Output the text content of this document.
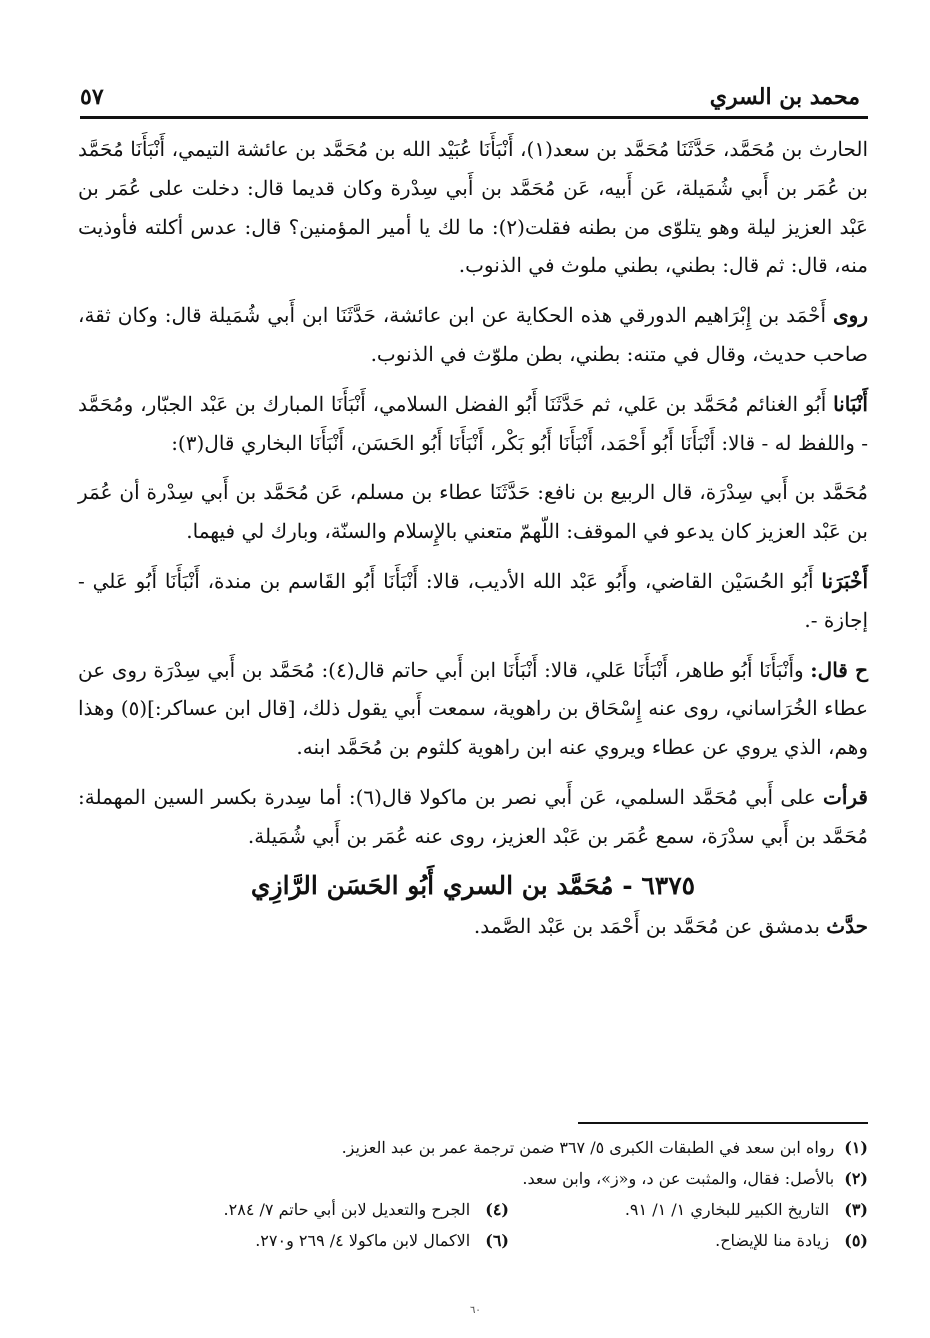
محمد بن السري
٥٧

الحارث بن مُحَمَّد، حَدَّثَنَا مُحَمَّد بن سعد(١)، أَنْبَأَنَا عُبَيْد الله بن مُحَمَّد بن عائشة التيمي، أَنْبَأَنَا مُحَمَّد بن عُمَر بن أَبي شُمَيلة، عَن أَبيه، عَن مُحَمَّد بن أَبي سِدْرة وكان قديما قال: دخلت على عُمَر بن عَبْد العزيز ليلة وهو يتلوّى من بطنه فقلت(٢): ما لك يا أمير المؤمنين؟ قال: عدس أكلته فأوذيت منه، قال: ثم قال: بطني، بطني ملوث في الذنوب.

روى أَحْمَد بن إِبْرَاهيم الدورقي هذه الحكاية عن ابن عائشة، حَدَّثَنَا ابن أَبي شُمَيلة قال: وكان ثقة، صاحب حديث، وقال في متنه: بطني، بطن ملوّث في الذنوب.

أَنْبَانا أَبُو الغنائم مُحَمَّد بن عَلي، ثم حَدَّثَنَا أَبُو الفضل السلامي، أَنْبَأَنَا المبارك بن عَبْد الجبّار، ومُحَمَّد - واللفظ له - قالا: أَنْبَأَنَا أَبُو أَحْمَد، أَنْبَأَنَا أَبُو بَكْر، أَنْبَأَنَا أَبُو الحَسَن، أَنْبَأَنَا البخاري قال(٣):

مُحَمَّد بن أَبي سِدْرَة، قال الربيع بن نافع: حَدَّثَنَا عطاء بن مسلم، عَن مُحَمَّد بن أَبي سِدْرة أن عُمَر بن عَبْد العزيز كان يدعو في الموقف: اللّهمّ متعني بالإِسلام والسنّة، وبارك لي فيهما.

أَخْبَرَنا أَبُو الحُسَيْن القاضي، وأَبُو عَبْد الله الأديب، قالا: أَنْبَأَنَا أَبُو القَاسم بن مندة، أَنْبَأَنَا أَبُو عَلي - إجازة -.

ح قال: وأَنْبَأَنَا أَبُو طاهر، أَنْبَأَنَا عَلي، قالا: أَنْبَأَنَا ابن أَبي حاتم قال(٤): مُحَمَّد بن أَبي سِدْرَة روى عن عطاء الخُرَاساني، روى عنه إِسْحَاق بن راهوية، سمعت أَبي يقول ذلك، [قال ابن عساكر:](٥) وهذا وهم، الذي يروي عن عطاء ويروي عنه ابن راهوية كلثوم بن مُحَمَّد ابنه.

قرأت على أَبي مُحَمَّد السلمي، عَن أَبي نصر بن ماكولا قال(٦): أما سِدرة بكسر السين المهملة: مُحَمَّد بن أَبي سدْرَة، سمع عُمَر بن عَبْد العزيز، روى عنه عُمَر بن أَبي شُمَيلة.

٦٣٧٥ - مُحَمَّد بن السري أَبُو الحَسَن الرَّازِي

حدَّث بدمشق عن مُحَمَّد بن أَحْمَد بن عَبْد الصَّمد.

(١)
رواه ابن سعد في الطبقات الكبرى ٥/ ٣٦٧ ضمن ترجمة عمر بن عبد العزيز.
(٢)
بالأصل: فقال، والمثبت عن د، و«ز»، وابن سعد.
(٣) التاريخ الكبير للبخاري ١/ ١/ ٩١.
(٤) الجرح والتعديل لابن أبي حاتم ٧/ ٢٨٤.
(٥) زيادة منا للإيضاح.
(٦) الاكمال لابن ماكولا ٤/ ٢٦٩ و٢٧٠.
٦٠
